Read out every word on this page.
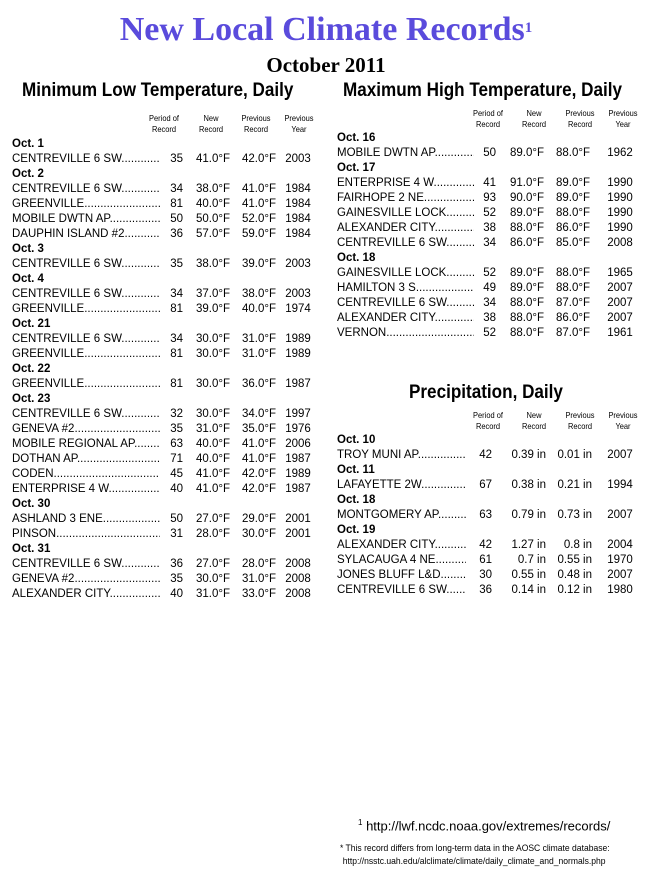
New Local Climate Records$^1$
October 2011
Minimum Low Temperature, Daily
Period of
Record
New
Record
Previous
Record
Previous
Year
Oct. 1
CENTREVILLE 6 SW .....	35	41.0°F	42.0°F 2003
Oct. 2
CENTREVILLE 6 SW .....	34	38.0°F	41.0°F 1984
GREENVILLE .....	81	40.0°F	41.0°F 1984
MOBILE DWTN AP .....	50	50.0°F	52.0°F 1984
DAUPHIN ISLAND #2 .....	36	57.0°F	59.0°F 1984
Oct. 3
CENTREVILLE 6 SW .....	35	38.0°F	39.0°F 2003
Oct. 4
CENTREVILLE 6 SW .....	34	37.0°F	38.0°F 2003
GREENVILLE .....	81	39.0°F	40.0°F 1974
Oct. 21
CENTREVILLE 6 SW .....	34	30.0°F	31.0°F 1989
GREENVILLE .....	81	30.0°F	31.0°F 1989
Oct. 22
GREENVILLE .....	81	30.0°F	36.0°F 1987
Oct. 23
CENTREVILLE 6 SW .....	32	30.0°F	34.0°F 1997
GENEVA #2 .....	35	31.0°F	35.0°F 1976
MOBILE REGIONAL AP .....	63	40.0°F	41.0°F 2006
DOTHAN AP .....	71	40.0°F	41.0°F 1987
CODEN .....	45	41.0°F	42.0°F 1989
ENTERPRISE 4 W .....	40	41.0°F	42.0°F 1987
Oct. 30
ASHLAND 3 ENE .....	50	27.0°F	29.0°F 2001
PINSON .....	31	28.0°F	30.0°F 2001
Oct. 31
CENTREVILLE 6 SW .....	36	27.0°F	28.0°F 2008
GENEVA #2 .....	35	30.0°F	31.0°F 2008
ALEXANDER CITY .....	40	31.0°F	33.0°F 2008
Maximum High Temperature, Daily
Period of
Record
New
Record
Previous
Record
Previous
Year
Oct. 16
MOBILE DWTN AP .....	50	89.0°F	88.0°F	1962
Oct. 17
ENTERPRISE 4 W .....	41	91.0°F	89.0°F	1990
FAIRHOPE 2 NE .....	93	90.0°F	89.0°F	1990
GAINESVILLE LOCK .....	52	89.0°F	88.0°F	1990
ALEXANDER CITY .....	38	88.0°F	86.0°F	1990
CENTREVILLE 6 SW .....	34	86.0°F	85.0°F	2008
Oct. 18
GAINESVILLE LOCK .....	52	89.0°F	88.0°F	1965
HAMILTON 3 S .....	49	89.0°F	88.0°F	2007
CENTREVILLE 6 SW .....	34	88.0°F	87.0°F	2007
ALEXANDER CITY .....	38	88.0°F	86.0°F	2007
VERNON .....	52	88.0°F	87.0°F	1961
Precipitation, Daily
Period of
Record
New
Record
Previous
Record
Previous
Year
Oct. 10
TROY MUNI AP .....	42	0.39 in 0.01 in	2007
Oct. 11
LAFAYETTE 2W .....	67	0.38 in 0.21 in	1994
Oct. 18
MONTGOMERY AP .....	63	0.79 in 0.73 in	2007
Oct. 19
ALEXANDER CITY .....	42	1.27 in	0.8 in	2004
SYLACAUGA 4 NE .....	61	0.7 in 0.55 in	1970
JONES BLUFF L&D .....	30	0.55 in 0.48 in	2007
CENTREVILLE 6 SW .....	36	0.14 in 0.12 in	1980
$^1$ http://lwf.ncdc.noaa.gov/extremes/records/
* This record differs from long-term data in the AOSC climate database:
http://nsstc.uah.edu/alclimate/climate/daily_climate_and_normals.php
